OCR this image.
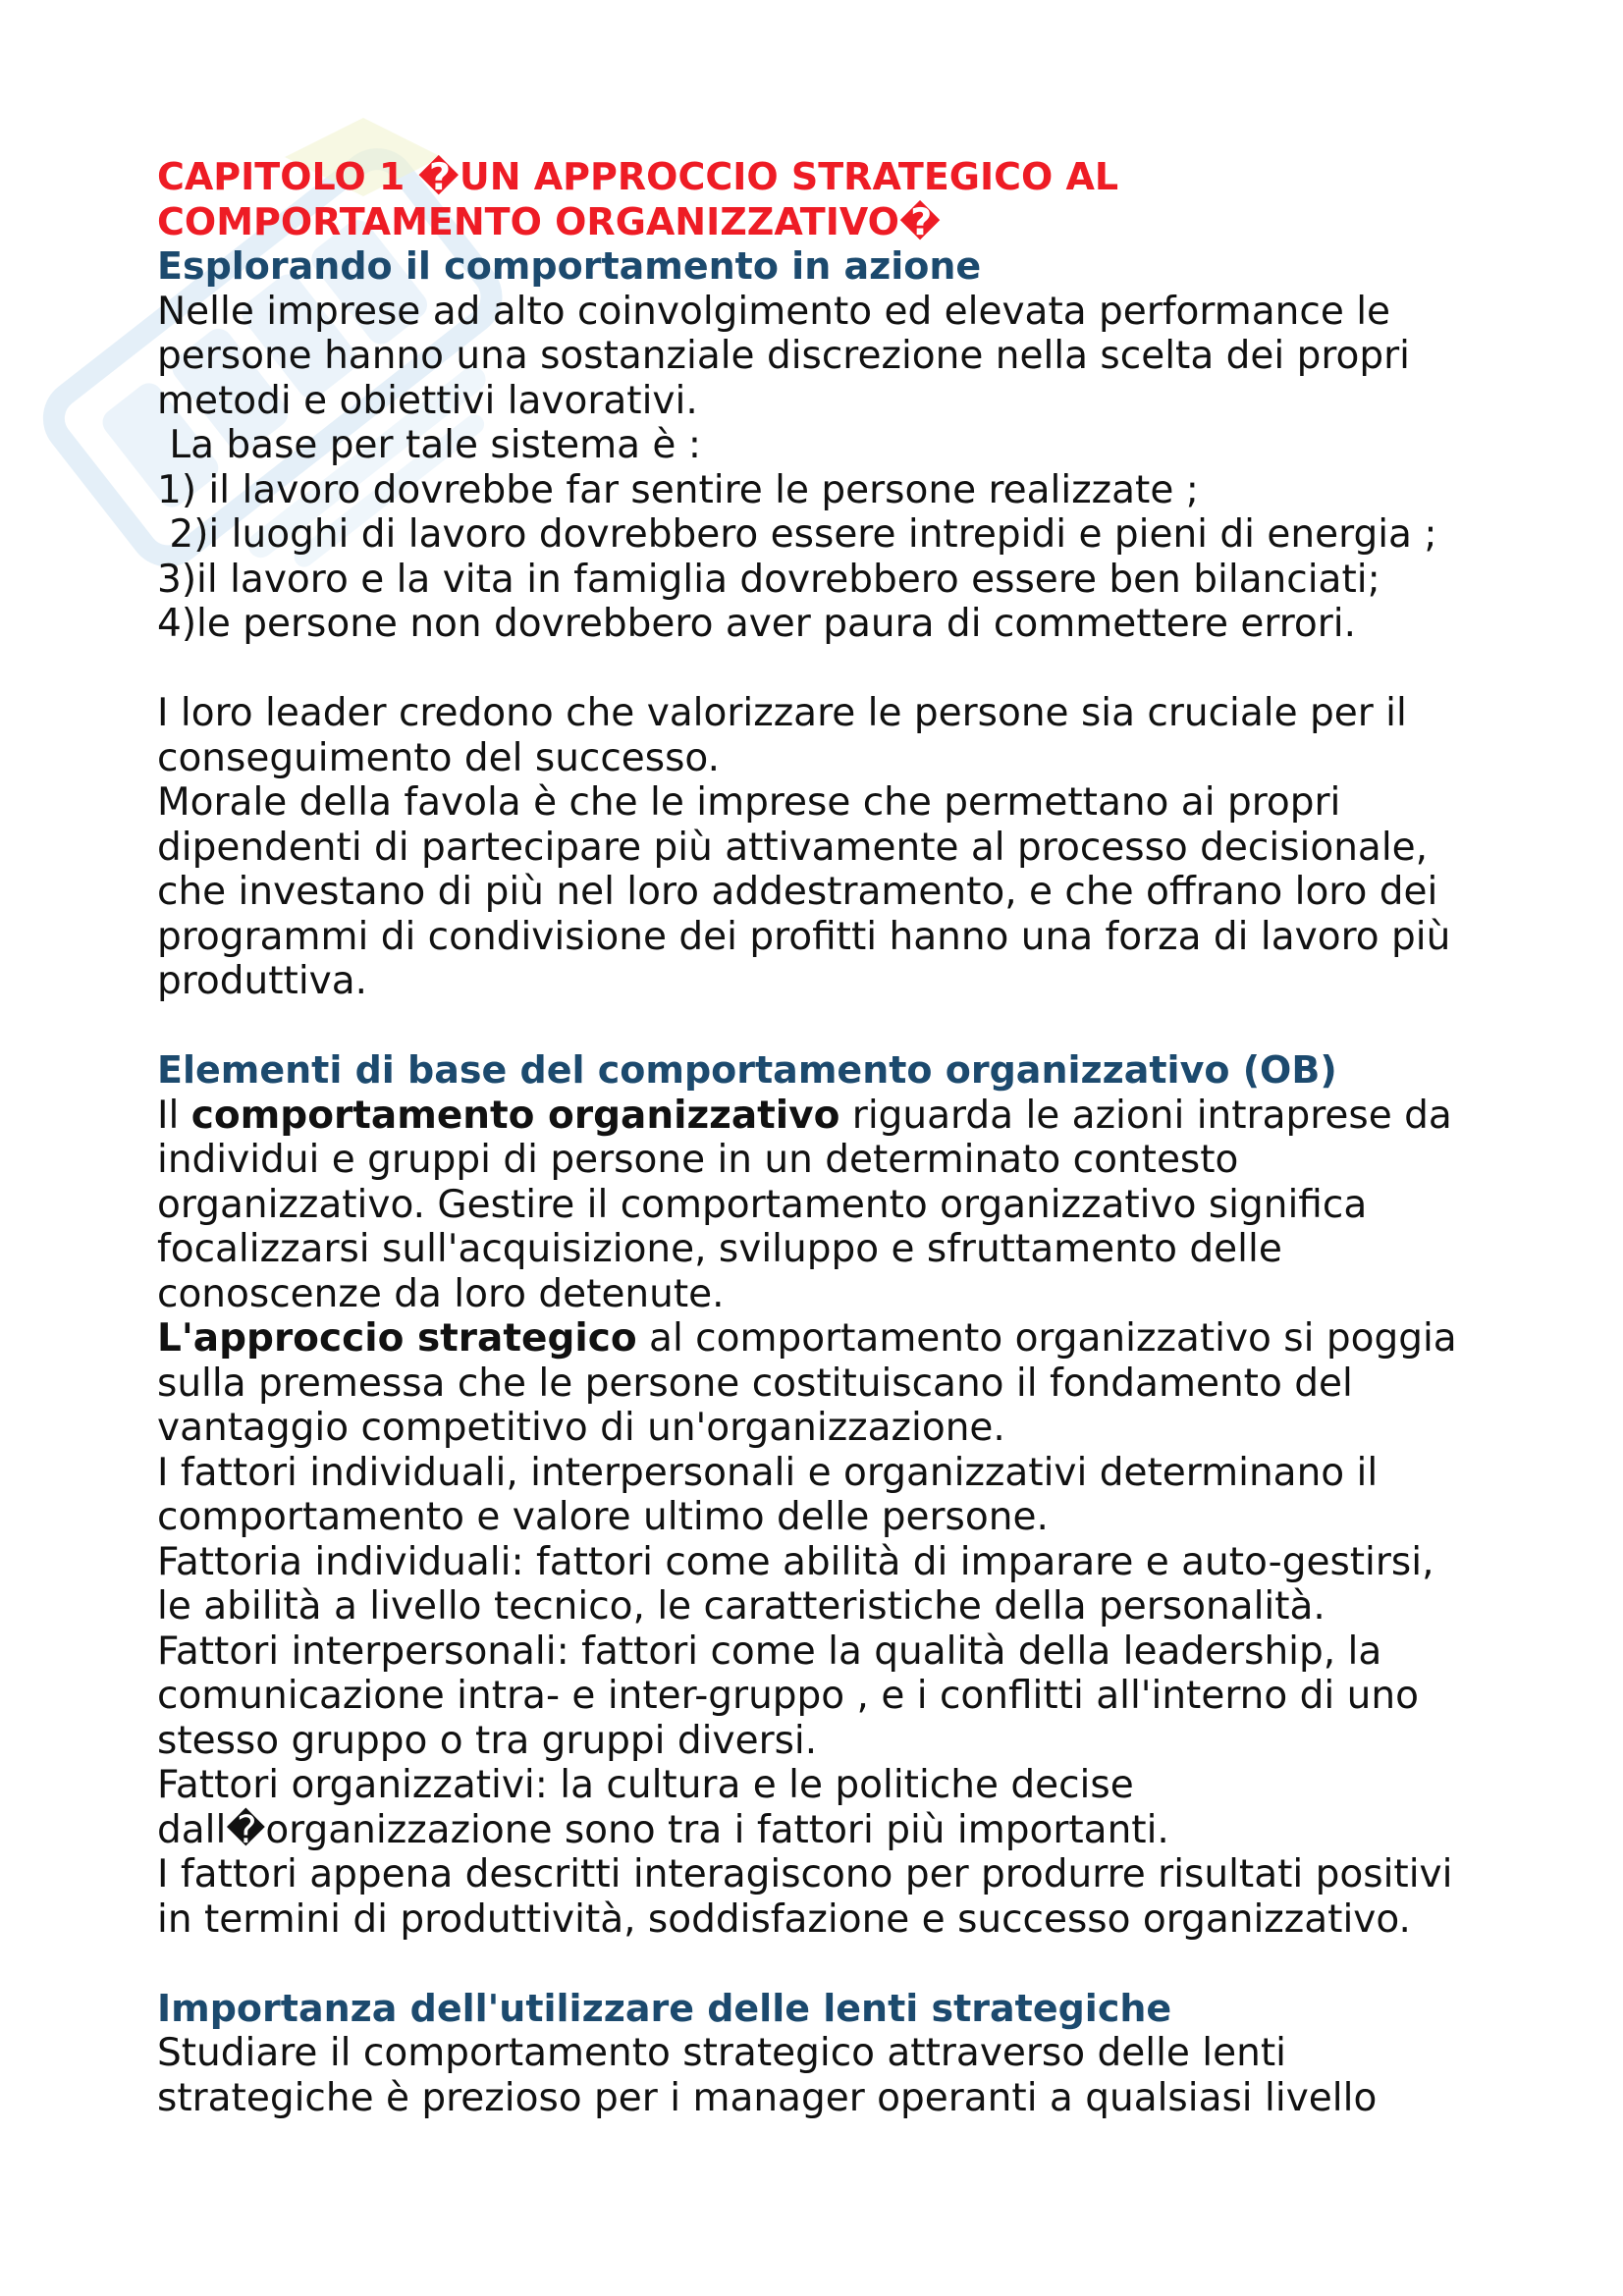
CAPITOLO 1 �UN APPROCCIO STRATEGICO AL

COMPORTAMENTO ORGANIZZATIVO�

Esplorando il comportamento in azione

Nelle imprese ad alto coinvolgimento ed elevata performance le

persone hanno una sostanziale discrezione nella scelta dei propri

metodi e obiettivi lavorativi.

La base per tale sistema è :

1) il lavoro dovrebbe far sentire le persone realizzate ;

2)i luoghi di lavoro dovrebbero essere intrepidi e pieni di energia ;

3)il lavoro e la vita in famiglia dovrebbero essere ben bilanciati;

4)le persone non dovrebbero aver paura di commettere errori.

I loro leader credono che valorizzare le persone sia cruciale per il

conseguimento del successo.

Morale della favola è che le imprese che permettano ai propri

dipendenti di partecipare più attivamente al processo decisionale,

che investano di più nel loro addestramento, e che offrano loro dei

programmi di condivisione dei profitti hanno una forza di lavoro più

produttiva.

Elementi di base del comportamento organizzativo (OB)

Il comportamento organizzativo riguarda le azioni intraprese da

individui e gruppi di persone in un determinato contesto

organizzativo. Gestire il comportamento organizzativo significa

focalizzarsi sull'acquisizione, sviluppo e sfruttamento delle

conoscenze da loro detenute.

L'approccio strategico al comportamento organizzativo si poggia

sulla premessa che le persone costituiscano il fondamento del

vantaggio competitivo di un'organizzazione.

I fattori individuali, interpersonali e organizzativi determinano il

comportamento e valore ultimo delle persone.

Fattoria individuali: fattori come abilità di imparare e auto-gestirsi,

le abilità a livello tecnico, le caratteristiche della personalità.

Fattori interpersonali: fattori come la qualità della leadership, la

comunicazione intra- e inter-gruppo , e i conflitti all'interno di uno

stesso gruppo o tra gruppi diversi.

Fattori organizzativi: la cultura e le politiche decise

dall�organizzazione sono tra i fattori più importanti.

I fattori appena descritti interagiscono per produrre risultati positivi

in termini di produttività, soddisfazione e successo organizzativo.

Importanza dell'utilizzare delle lenti strategiche

Studiare il comportamento strategico attraverso delle lenti

strategiche è prezioso per i manager operanti a qualsiasi livello
